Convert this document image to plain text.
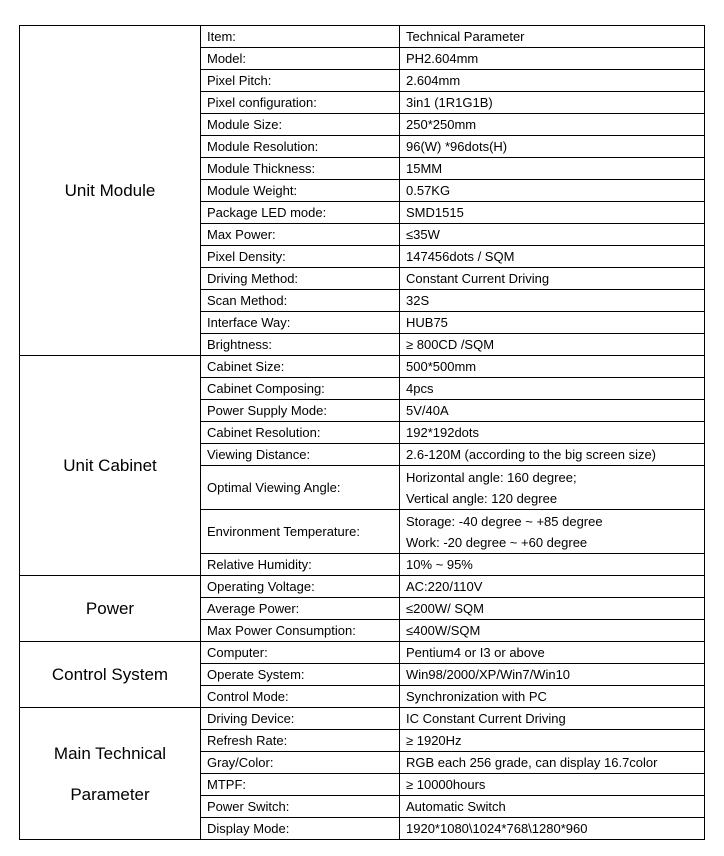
Unit Module	Item:	Technical Parameter
	Model:	PH2.604mm
	Pixel Pitch:	2.604mm
	Pixel configuration:	3in1 (1R1G1B)
	Module Size:	250*250mm
	Module Resolution:	96(W) *96dots(H)
	Module Thickness:	15MM
	Module Weight:	0.57KG
	Package LED mode:	SMD1515
	Max Power:	≤35W
	Pixel Density:	147456dots / SQM
	Driving Method:	Constant Current Driving
	Scan Method:	32S
	Interface Way:	HUB75
	Brightness:	≥ 800CD /SQM
Unit Cabinet	Cabinet Size:	500*500mm
	Cabinet Composing:	4pcs
	Power Supply Mode:	5V/40A
	Cabinet Resolution:	192*192dots
	Viewing Distance:	2.6-120M (according to the big screen size)
	Optimal Viewing Angle:	Horizontal angle: 160 degree;
Vertical angle: 120 degree

	Environment Temperature:	Storage: -40 degree ~ +85 degree
Work: -20 degree ~ +60 degree

	Relative Humidity:	10% ~ 95%
Power	Operating Voltage:	AC:220/110V
	Average Power:	≤200W/ SQM
	Max Power Consumption:	≤400W/SQM
Control System	Computer:	Pentium4 or I3 or above
	Operate System:	Win98/2000/XP/Win7/Win10
	Control Mode:	Synchronization with PC

Main Technical
Parameter	Driving Device:	IC Constant Current Driving
	Refresh Rate:	≥ 1920Hz
	Gray/Color:	RGB each 256 grade, can display 16.7color
	MTPF:	≥ 10000hours
	Power Switch:	Automatic Switch
	Display Mode:	1920*1080\1024*768\1280*960
